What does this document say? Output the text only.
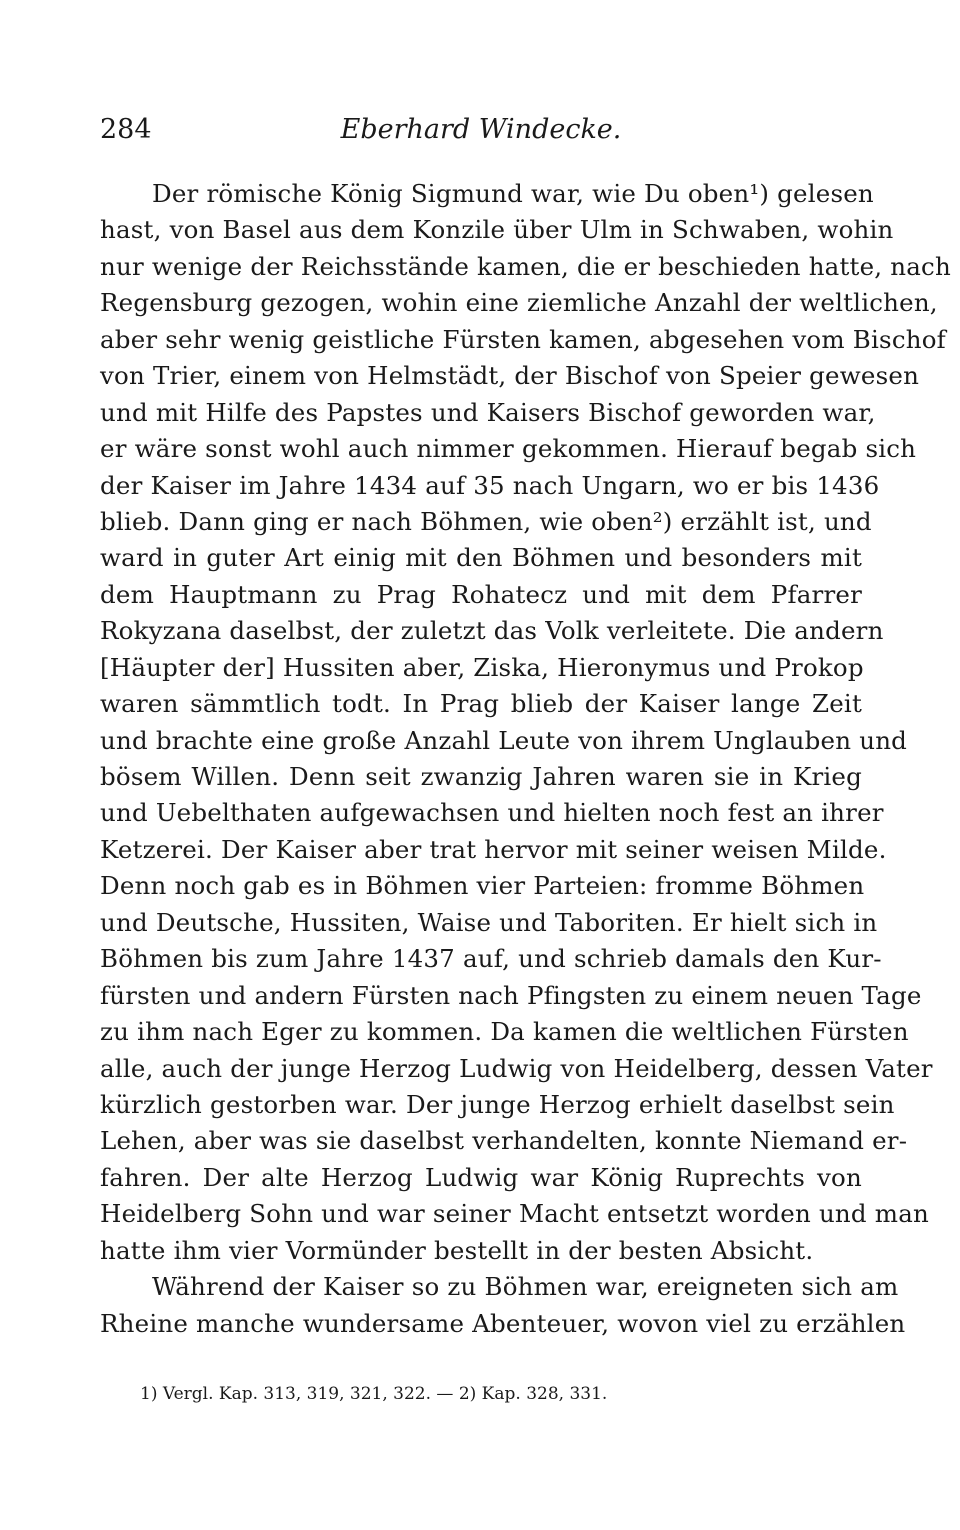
284	Eberhard Windecke.
Der römische König Sigmund war, wie Du oben¹) gelesen
hast, von Basel aus dem Konzile über Ulm in Schwaben, wohin
nur wenige der Reichsstände kamen, die er beschieden hatte, nach
Regensburg gezogen, wohin eine ziemliche Anzahl der weltlichen,
aber sehr wenig geistliche Fürsten kamen, abgesehen vom Bischof
von Trier, einem von Helmstädt, der Bischof von Speier gewesen
und mit Hilfe des Papstes und Kaisers Bischof geworden war,
er wäre sonst wohl auch nimmer gekommen. Hierauf begab sich
der Kaiser im Jahre 1434 auf 35 nach Ungarn, wo er bis 1436
blieb. Dann ging er nach Böhmen, wie oben²) erzählt ist, und
ward in guter Art einig mit den Böhmen und besonders mit
dem Hauptmann zu Prag Rohatecz und mit dem Pfarrer
Rokyzana daselbst, der zuletzt das Volk verleitete. Die andern
[Häupter der] Hussiten aber, Ziska, Hieronymus und Prokop
waren sämmtlich todt. In Prag blieb der Kaiser lange Zeit
und brachte eine große Anzahl Leute von ihrem Unglauben und
bösem Willen. Denn seit zwanzig Jahren waren sie in Krieg
und Uebelthaten aufgewachsen und hielten noch fest an ihrer
Ketzerei. Der Kaiser aber trat hervor mit seiner weisen Milde.
Denn noch gab es in Böhmen vier Parteien: fromme Böhmen
und Deutsche, Hussiten, Waise und Taboriten. Er hielt sich in
Böhmen bis zum Jahre 1437 auf, und schrieb damals den Kur-
fürsten und andern Fürsten nach Pfingsten zu einem neuen Tage
zu ihm nach Eger zu kommen. Da kamen die weltlichen Fürsten
alle, auch der junge Herzog Ludwig von Heidelberg, dessen Vater
kürzlich gestorben war. Der junge Herzog erhielt daselbst sein
Lehen, aber was sie daselbst verhandelten, konnte Niemand er-
fahren. Der alte Herzog Ludwig war König Ruprechts von
Heidelberg Sohn und war seiner Macht entsetzt worden und man
hatte ihm vier Vormünder bestellt in der besten Absicht.
Während der Kaiser so zu Böhmen war, ereigneten sich am
Rheine manche wundersame Abenteuer, wovon viel zu erzählen
1) Vergl. Kap. 313, 319, 321, 322. — 2) Kap. 328, 331.
